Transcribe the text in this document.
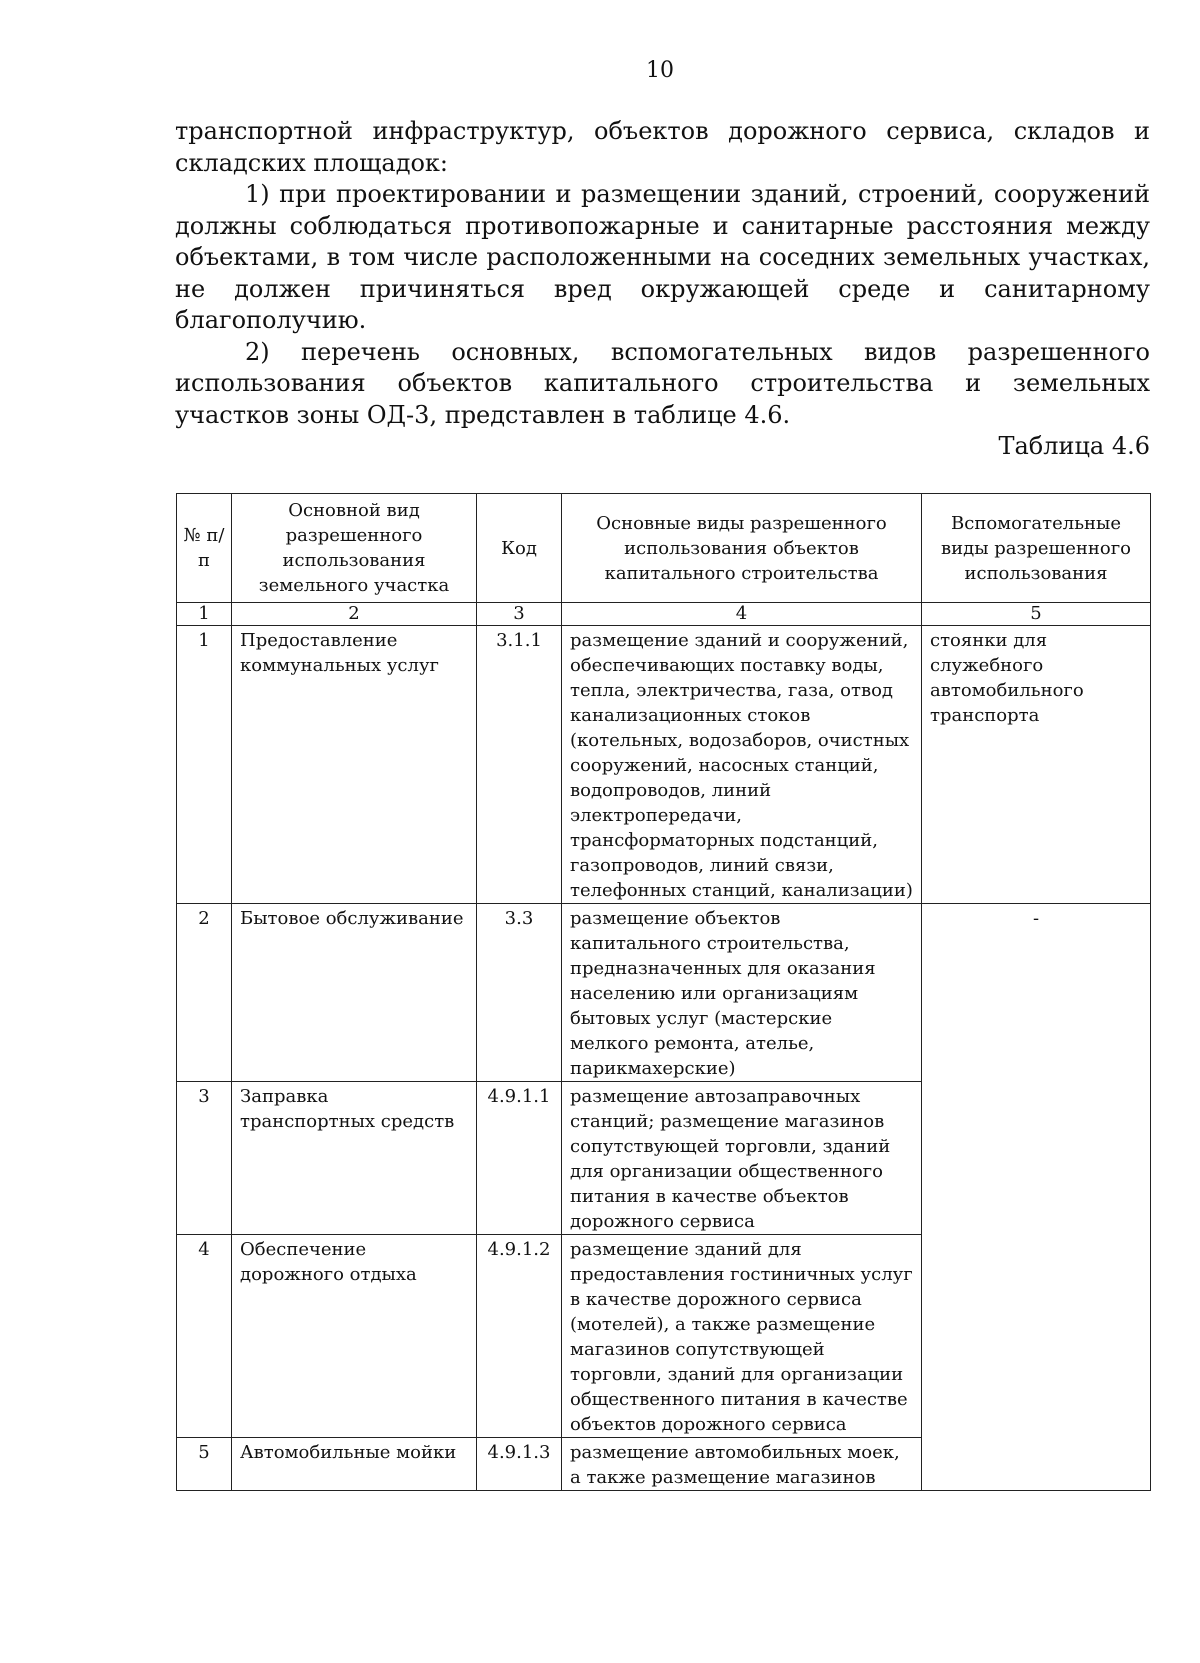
10

транспортной инфраструктур, объектов дорожного сервиса, складов и складских площадок:

1) при проектировании и размещении зданий, строений, сооружений должны соблюдаться противопожарные и санитарные расстояния между объектами, в том числе расположенными на соседних земельных участках, не должен причиняться вред окружающей среде и санитарному благополучию.

2) перечень основных, вспомогательных видов разрешенного использования объектов капитального строительства и земельных участков зоны ОД-3, представлен в таблице 4.6.

Таблица 4.6
№ п/п	Основной вид разрешенного использования земельного участка	Код	Основные виды разрешенного использования объектов капитального строительства	Вспомогательные виды разрешенного использования
1	2	3	4	5
1	Предоставление коммунальных услуг	3.1.1	размещение зданий и сооружений, обеспечивающих поставку воды, тепла, электричества, газа, отвод канализационных стоков (котельных, водозаборов, очистных сооружений, насосных станций, водопроводов, линий электропередачи, трансформаторных подстанций, газопроводов, линий связи, телефонных станций, канализации)	стоянки для служебного автомобильного транспорта
2	Бытовое обслуживание	3.3	размещение объектов капитального строительства, предназначенных для оказания населению или организациям бытовых услуг (мастерские мелкого ремонта, ателье, парикмахерские)	-
3	Заправка транспортных средств	4.9.1.1	размещение автозаправочных станций; размещение магазинов сопутствующей торговли, зданий для организации общественного питания в качестве объектов дорожного сервиса	
4	Обеспечение дорожного отдыха	4.9.1.2	размещение зданий для предоставления гостиничных услуг в качестве дорожного сервиса (мотелей), а также размещение магазинов сопутствующей торговли, зданий для организации общественного питания в качестве объектов дорожного сервиса	
5	Автомобильные мойки	4.9.1.3	размещение автомобильных моек, а также размещение магазинов	
